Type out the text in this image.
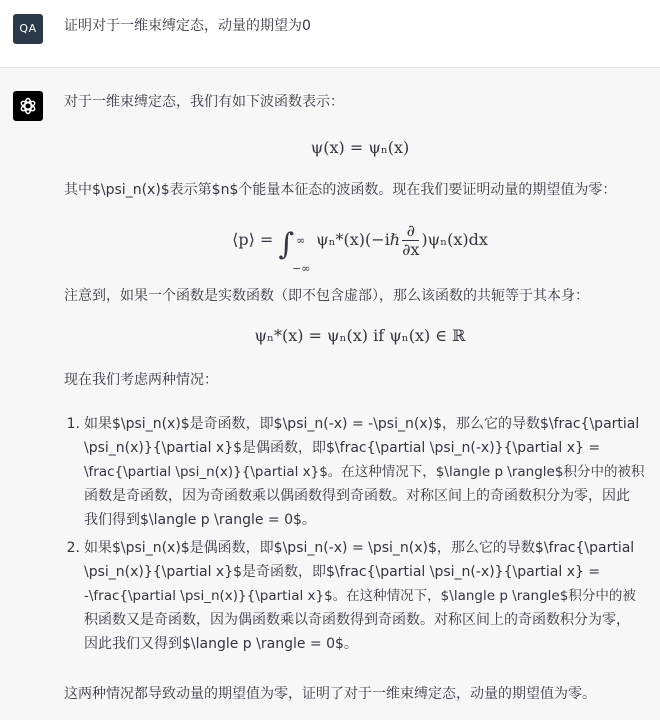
QA	证明对于一维束缚定态，动量的期望为0
对于一维束缚定态，我们有如下波函数表示：
ψ(x) = ψₙ(x)
其中$\psi_n(x)$表示第$n$个能量本征态的波函数。现在我们要证明动量的期望值为零：
⟨p⟩ = ∫ ∞
−∞
ψₙ*(x)(−iℏ $\frac{\partial}{\partial x} )\psi_n(x)dx$
注意到，如果一个函数是实数函数（即不包含虚部），那么该函数的共轭等于其本身：
ψₙ*(x) = ψₙ(x) if ψₙ(x) ∈ ℝ
现在我们考虑两种情况：
1. 如果$\psi_n(x)$是奇函数，即$\psi_n(-x) = -\psi_n(x)$，那么它的导数$\frac{\partial
\psi_n(x)}{\partial x}$是偶函数，即$\frac{\partial \psi_n(-x)}{\partial x} =
\frac{\partial \psi_n(x)}{\partial x}$。在这种情况下，$\langle p \rangle$积分中的被积
函数是奇函数，因为奇函数乘以偶函数得到奇函数。对称区间上的奇函数积分为零，因此
我们得到$\langle p \rangle = 0$。
2. 如果$\psi_n(x)$是偶函数，即$\psi_n(-x) = \psi_n(x)$，那么它的导数$\frac{\partial
\psi_n(x)}{\partial x}$是奇函数，即$\frac{\partial \psi_n(-x)}{\partial x} =
-\frac{\partial \psi_n(x)}{\partial x}$。在这种情况下，$\langle p \rangle$积分中的被
积函数又是奇函数，因为偶函数乘以奇函数得到奇函数。对称区间上的奇函数积分为零，
因此我们又得到$\langle p \rangle = 0$。
这两种情况都导致动量的期望值为零，证明了对于一维束缚定态，动量的期望值为零。
